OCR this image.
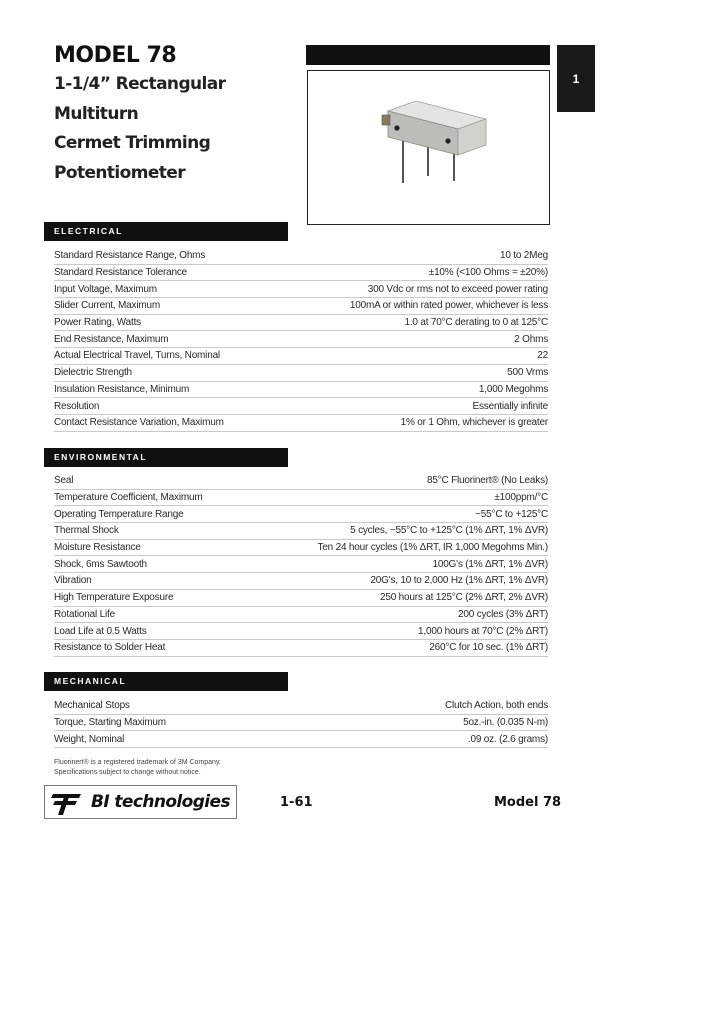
MODEL 78
1-1/4” Rectangular
Multiturn
Cermet Trimming
Potentiometer
1
ELECTRICAL
Standard Resistance Range, Ohms	10 to 2Meg
Standard Resistance Tolerance	±10% (<100 Ohms = ±20%)
Input Voltage, Maximum	300 Vdc or rms not to exceed power rating
Slider Current, Maximum	100mA or within rated power, whichever is less
Power Rating, Watts	1.0 at 70°C derating to 0 at 125°C
End Resistance, Maximum	2 Ohms
Actual Electrical Travel, Turns, Nominal	22
Dielectric Strength	500 Vrms
Insulation Resistance, Minimum	1,000 Megohms
Resolution	Essentially infinite
Contact Resistance Variation, Maximum	1% or 1 Ohm, whichever is greater
ENVIRONMENTAL
Seal	85°C Fluorinert® (No Leaks)
Temperature Coefficient, Maximum	±100ppm/°C
Operating Temperature Range	−55°C to +125°C
Thermal Shock	5 cycles, −55°C to +125°C (1% ΔRT, 1% ΔVR)
Moisture Resistance	Ten 24 hour cycles (1% ΔRT, IR 1,000 Megohms Min.)
Shock, 6ms Sawtooth	100G's (1% ΔRT, 1% ΔVR)
Vibration	20G's, 10 to 2,000 Hz (1% ΔRT, 1% ΔVR)
High Temperature Exposure	250 hours at 125°C (2% ΔRT, 2% ΔVR)
Rotational Life	200 cycles (3% ΔRT)
Load Life at 0.5 Watts	1,000 hours at 70°C (2% ΔRT)
Resistance to Solder Heat	260°C for 10 sec. (1% ΔRT)
MECHANICAL
Mechanical Stops	Clutch Action, both ends
Torque, Starting Maximum	5oz.-in. (0.035 N-m)
Weight, Nominal	.09 oz. (2.6 grams)
Fluorinert® is a registered trademark of 3M Company.
Specifications subject to change without notice.
BI technologies	1-61	Model 78
